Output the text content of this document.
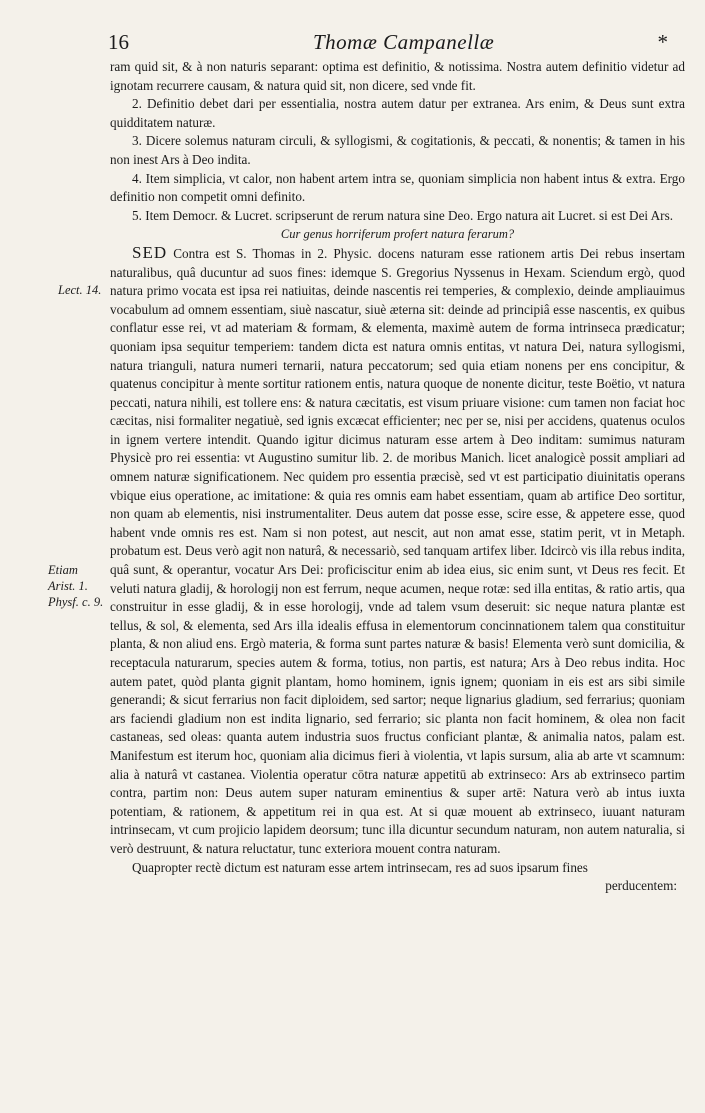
16	Thomæ Campanellæ	*
Lect. 14.
Etiam
Arist. 1.
Physf. c. 9.

ram quid sit, & à non naturis separant: optima est definitio, & notissima. Nostra autem definitio videtur ad ignotam recurrere causam, & natura quid sit, non dicere, sed vnde fit.

2. Definitio debet dari per essentialia, nostra autem datur per extranea. Ars enim, & Deus sunt extra quidditatem naturæ.

3. Dicere solemus naturam circuli, & syllogismi, & cogitationis, & peccati, & nonentis; & tamen in his non inest Ars à Deo indita.

4. Item simplicia, vt calor, non habent artem intra se, quoniam simplicia non habent intus & extra. Ergo definitio non competit omni definito.

5. Item Democr. & Lucret. scripserunt de rerum natura sine Deo. Ergo natura ait Lucret. si est Dei Ars.

Cur genus horriferum profert natura ferarum?

SED Contra est S. Thomas in 2. Physic. docens naturam esse rationem artis Dei rebus insertam naturalibus, quâ ducuntur ad suos fines: idemque S. Gregorius Nyssenus in Hexam. Sciendum ergò, quod natura primo vocata est ipsa rei natiuitas, deinde nascentis rei temperies, & complexio, deinde ampliauimus vocabulum ad omnem essentiam, siuè nascatur, siuè æterna sit: deinde ad principiâ esse nascentis, ex quibus conflatur esse rei, vt ad materiam & formam, & elementa, maximè autem de forma intrinseca prædicatur; quoniam ipsa sequitur temperiem: tandem dicta est natura omnis entitas, vt natura Dei, natura syllogismi, natura trianguli, natura numeri ternarii, natura peccatorum; sed quia etiam nonens per ens concipitur, & quatenus concipitur à mente sortitur rationem entis, natura quoque de nonente dicitur, teste Boëtio, vt natura peccati, natura nihili, est tollere ens: & natura cæcitatis, est visum priuare visione: cum tamen non faciat hoc cæcitas, nisi formaliter negatiuè, sed ignis excæcat efficienter; nec per se, nisi per accidens, quatenus oculos in ignem vertere intendit. Quando igitur dicimus naturam esse artem à Deo inditam: sumimus naturam Physicè pro rei essentia: vt Augustino sumitur lib. 2. de moribus Manich. licet analogicè possit ampliari ad omnem naturæ significationem. Nec quidem pro essentia præcisè, sed vt est participatio diuinitatis operans vbique eius operatione, ac imitatione: & quia res omnis eam habet essentiam, quam ab artifice Deo sortitur, non quam ab elementis, nisi instrumentaliter. Deus autem dat posse esse, scire esse, & appetere esse, quod habent vnde omnis res est. Nam si non potest, aut nescit, aut non amat esse, statim perit, vt in Metaph. probatum est. Deus verò agit non naturâ, & necessariò, sed tanquam artifex liber. Idcircò vis illa rebus indita, quâ sunt, & operantur, vocatur Ars Dei: proficiscitur enim ab idea eius, sic enim sunt, vt Deus res fecit. Et veluti natura gladij, & horologij non est ferrum, neque acumen, neque rotæ: sed illa entitas, & ratio artis, qua construitur in esse gladij, & in esse horologij, vnde ad talem vsum deseruit: sic neque natura plantæ est tellus, & sol, & elementa, sed Ars illa idealis effusa in elementorum concinnationem talem qua constituitur planta, & non aliud ens. Ergò materia, & forma sunt partes naturæ & basis! Elementa verò sunt domicilia, & receptacula naturarum, species autem & forma, totius, non partis, est natura; Ars à Deo rebus indita. Hoc autem patet, quòd planta gignit plantam, homo hominem, ignis ignem; quoniam in eis est ars sibi simile generandi; & sicut ferrarius non facit diploidem, sed sartor; neque lignarius gladium, sed ferrarius; quoniam ars faciendi gladium non est indita lignario, sed ferrario; sic planta non facit hominem, & olea non facit castaneas, sed oleas: quanta autem industria suos fructus conficiant plantæ, & animalia natos, palam est. Manifestum est iterum hoc, quoniam alia dicimus fieri à violentia, vt lapis sursum, alia ab arte vt scamnum: alia à naturâ vt castanea. Violentia operatur cōtra naturæ appetitū ab extrinseco: Ars ab extrinseco partim contra, partim non: Deus autem super naturam eminentius & super artē: Natura verò ab intus iuxta potentiam, & rationem, & appetitum rei in qua est. At si quæ mouent ab extrinseco, iuuant naturam intrinsecam, vt cum projicio lapidem deorsum; tunc illa dicuntur secundum naturam, non autem naturalia, si verò destruunt, & natura reluctatur, tunc exteriora mouent contra naturam.

Quapropter rectè dictum est naturam esse artem intrinsecam, res ad suos ipsarum fines

perducentem:
